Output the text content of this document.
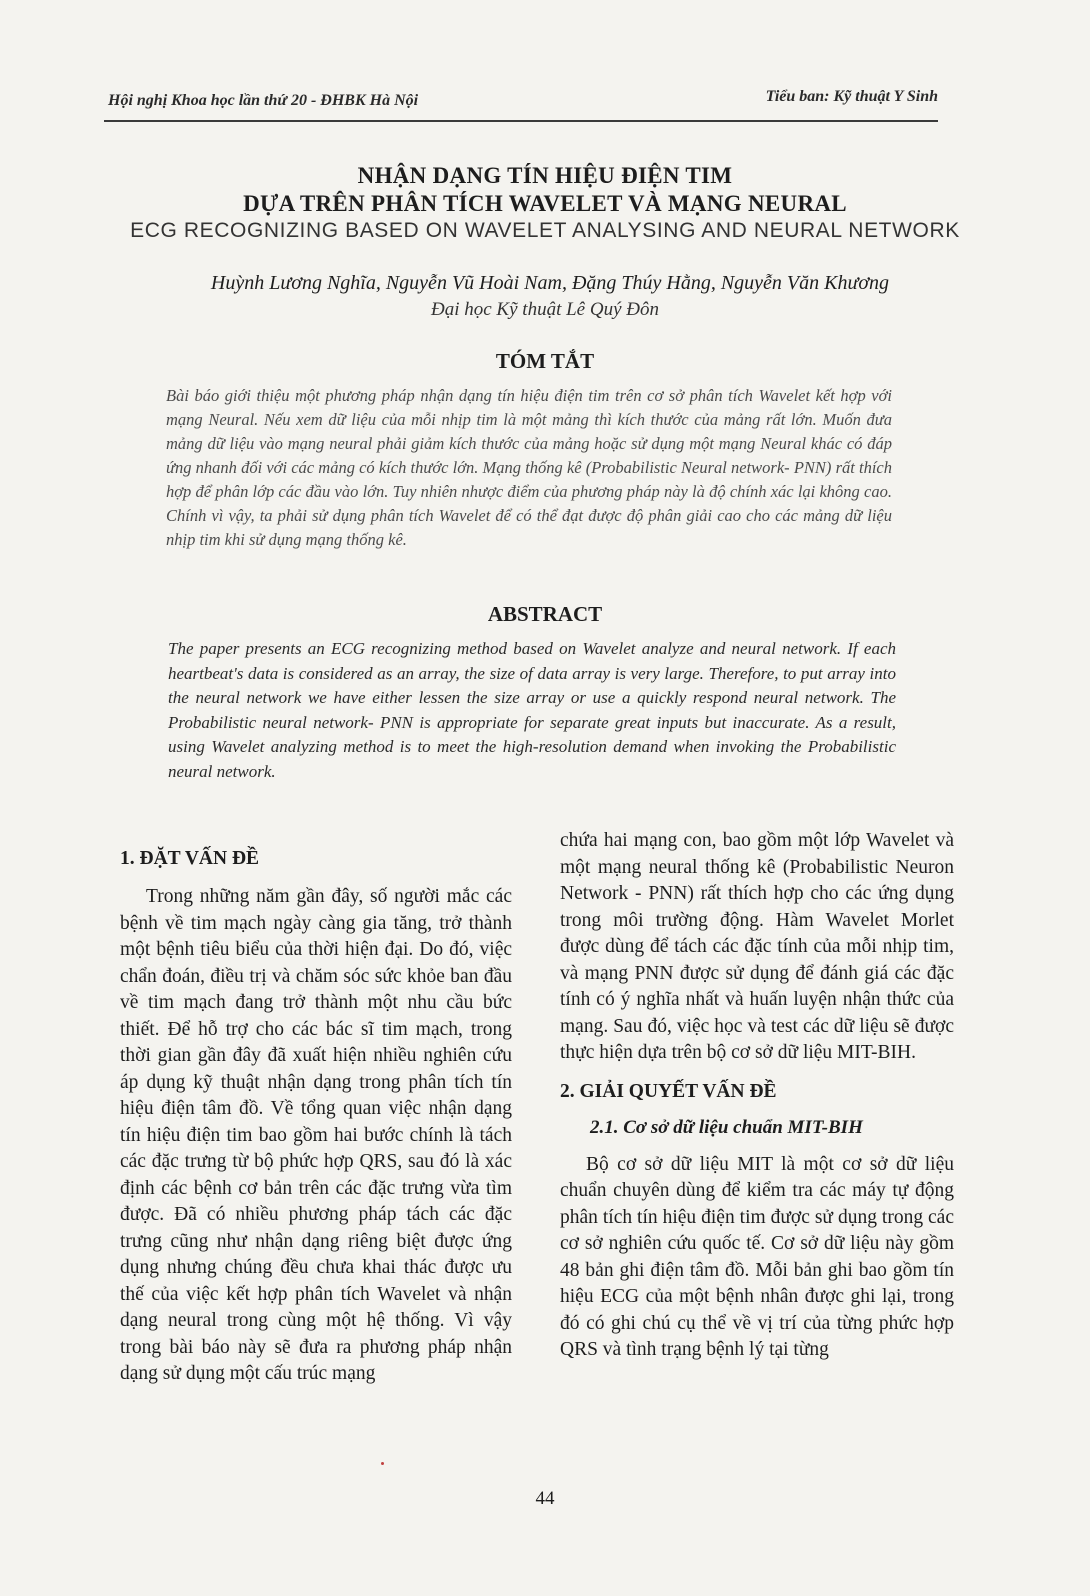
Hội nghị Khoa học lần thứ 20 - ĐHBK Hà Nội	Tiểu ban: Kỹ thuật Y Sinh
NHẬN DẠNG TÍN HIỆU ĐIỆN TIM
DỰA TRÊN PHÂN TÍCH WAVELET VÀ MẠNG NEURAL
ECG RECOGNIZING BASED ON WAVELET ANALYSING AND NEURAL NETWORK
Huỳnh Lương Nghĩa, Nguyễn Vũ Hoài Nam, Đặng Thúy Hằng, Nguyễn Văn Khương
Đại học Kỹ thuật Lê Quý Đôn
TÓM TẮT
Bài báo giới thiệu một phương pháp nhận dạng tín hiệu điện tim trên cơ sở phân tích Wavelet kết hợp với mạng Neural. Nếu xem dữ liệu của mỗi nhịp tim là một mảng thì kích thước của mảng rất lớn. Muốn đưa mảng dữ liệu vào mạng neural phải giảm kích thước của mảng hoặc sử dụng một mạng Neural khác có đáp ứng nhanh đối với các mảng có kích thước lớn. Mạng thống kê (Probabilistic Neural network- PNN) rất thích hợp để phân lớp các đầu vào lớn. Tuy nhiên nhược điểm của phương pháp này là độ chính xác lại không cao. Chính vì vậy, ta phải sử dụng phân tích Wavelet để có thể đạt được độ phân giải cao cho các mảng dữ liệu nhịp tim khi sử dụng mạng thống kê.
ABSTRACT
The paper presents an ECG recognizing method based on Wavelet analyze and neural network. If each heartbeat's data is considered as an array, the size of data array is very large. Therefore, to put array into the neural network we have either lessen the size array or use a quickly respond neural network. The Probabilistic neural network- PNN is appropriate for separate great inputs but inaccurate. As a result, using Wavelet analyzing method is to meet the high-resolution demand when invoking the Probabilistic neural network.
1. ĐẶT VẤN ĐỀ

Trong những năm gần đây, số người mắc các bệnh về tim mạch ngày càng gia tăng, trở thành một bệnh tiêu biểu của thời hiện đại. Do đó, việc chẩn đoán, điều trị và chăm sóc sức khỏe ban đầu về tim mạch đang trở thành một nhu cầu bức thiết. Để hỗ trợ cho các bác sĩ tim mạch, trong thời gian gần đây đã xuất hiện nhiều nghiên cứu áp dụng kỹ thuật nhận dạng trong phân tích tín hiệu điện tâm đồ. Về tổng quan việc nhận dạng tín hiệu điện tim bao gồm hai bước chính là tách các đặc trưng từ bộ phức hợp QRS, sau đó là xác định các bệnh cơ bản trên các đặc trưng vừa tìm được. Đã có nhiều phương pháp tách các đặc trưng cũng như nhận dạng riêng biệt được ứng dụng nhưng chúng đều chưa khai thác được ưu thế của việc kết hợp phân tích Wavelet và nhận dạng neural trong cùng một hệ thống. Vì vậy trong bài báo này sẽ đưa ra phương pháp nhận dạng sử dụng một cấu trúc mạng

chứa hai mạng con, bao gồm một lớp Wavelet và một mạng neural thống kê (Probabilistic Neuron Network - PNN) rất thích hợp cho các ứng dụng trong môi trường động. Hàm Wavelet Morlet được dùng để tách các đặc tính của mỗi nhịp tim, và mạng PNN được sử dụng để đánh giá các đặc tính có ý nghĩa nhất và huấn luyện nhận thức của mạng. Sau đó, việc học và test các dữ liệu sẽ được thực hiện dựa trên bộ cơ sở dữ liệu MIT-BIH.

2. GIẢI QUYẾT VẤN ĐỀ
2.1. Cơ sở dữ liệu chuẩn MIT-BIH

Bộ cơ sở dữ liệu MIT là một cơ sở dữ liệu chuẩn chuyên dùng để kiểm tra các máy tự động phân tích tín hiệu điện tim được sử dụng trong các cơ sở nghiên cứu quốc tế. Cơ sở dữ liệu này gồm 48 bản ghi điện tâm đồ. Mỗi bản ghi bao gồm tín hiệu ECG của một bệnh nhân được ghi lại, trong đó có ghi chú cụ thể về vị trí của từng phức hợp QRS và tình trạng bệnh lý tại từng

44
